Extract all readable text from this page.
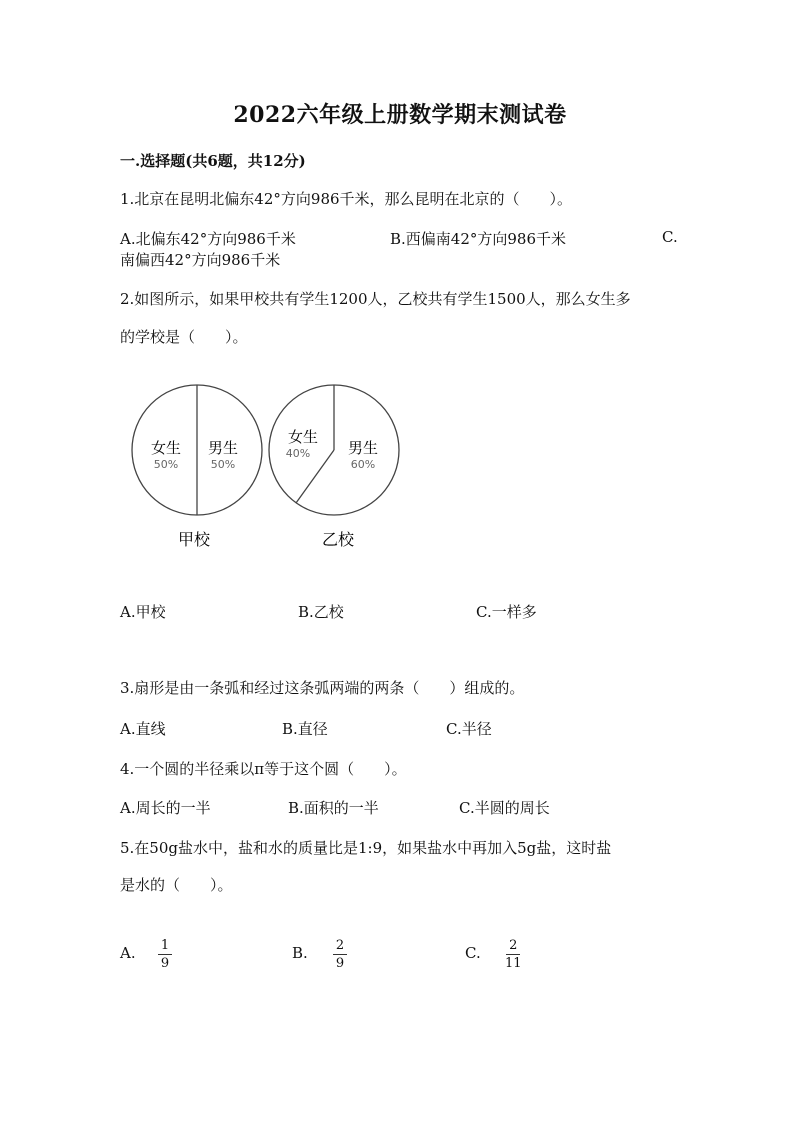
2022六年级上册数学期末测试卷
一.选择题(共6题，共12分)
1.北京在昆明北偏东42°方向986千米，那么昆明在北京的（　　）。
A.北偏东42°方向986千米	B.西偏南42°方向986千米	C.
南偏西42°方向986千米
2.如图所示，如果甲校共有学生1200人，乙校共有学生1500人，那么女生多
的学校是（　　）。
女生
50%
男生
50%
甲校
女生
40%	男生
60%
乙校
A.甲校	B.乙校	C.一样多
3.扇形是由一条弧和经过这条弧两端的两条（　　）组成的。
A.直线	B.直径	C.半径
4.一个圆的半径乘以π等于这个圆（　　）。
A.周长的一半	B.面积的一半	C.半圆的周长
5.在50g盐水中，盐和水的质量比是1:9，如果盐水中再加入5g盐，这时盐
是水的（　　）。
A. 1
9
B. 2
9
C. 2
11
